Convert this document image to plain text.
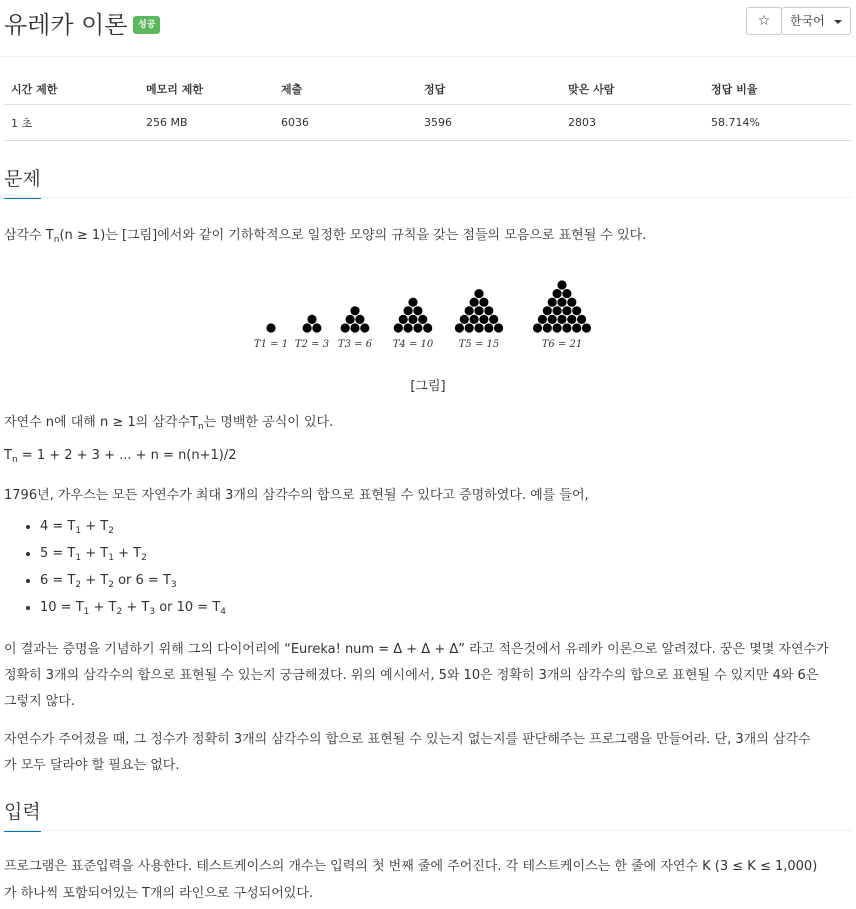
유레카 이론	성공	☆	한국어
시간 제한	메모리 제한	제출	정답	맞은 사람	정답 비율
1 초	256 MB	6036	3596	2803	58.714%
문제

삼각수 $T_n(n \ge 1)$는 [그림]에서와 같이 기하학적으로 일정한 모양의 규칙을 갖는 점들의 모음으로 표현될 수 있다.

T1 = 1 T2 = 3 T3 = 6 T4 = 10	T5 = 15	T6 = 21
[그림]

자연수 n에 대해 n ≥ 1의 삼각수$T_n$는 명백한 공식이 있다.

$T_n = 1 + 2 + 3$ + ... + n = n(n+1)/2

1796년, 가우스는 모든 자연수가 최대 3개의 삼각수의 합으로 표현될 수 있다고 증명하였다. 예를 들어,

• $4 = T_1 + T_2$
• $5 = T_1 + T_1 + T_2$
• $6 = T_2 + T_2$ or $6 = T_3$
• $10 = T_1 + T_2 + T_3$ or $10 = T_4$

이 결과는 증명을 기념하기 위해 그의 다이어리에 “Eureka! num = Δ + Δ + Δ” 라고 적은것에서 유레카 이론으로 알려졌다. 꿍은 몇몇 자연수가

정확히 3개의 삼각수의 합으로 표현될 수 있는지 궁금해졌다. 위의 예시에서, 5와 10은 정확히 3개의 삼각수의 합으로 표현될 수 있지만 4와 6은

그렇지 않다.

자연수가 주어졌을 때, 그 정수가 정확히 3개의 삼각수의 합으로 표현될 수 있는지 없는지를 판단해주는 프로그램을 만들어라. 단, 3개의 삼각수

가 모두 달라야 할 필요는 없다.

입력

프로그램은 표준입력을 사용한다. 테스트케이스의 개수는 입력의 첫 번째 줄에 주어진다. 각 테스트케이스는 한 줄에 자연수 K (3 ≤ K ≤ 1,000)

가 하나씩 포함되어있는 T개의 라인으로 구성되어있다.
